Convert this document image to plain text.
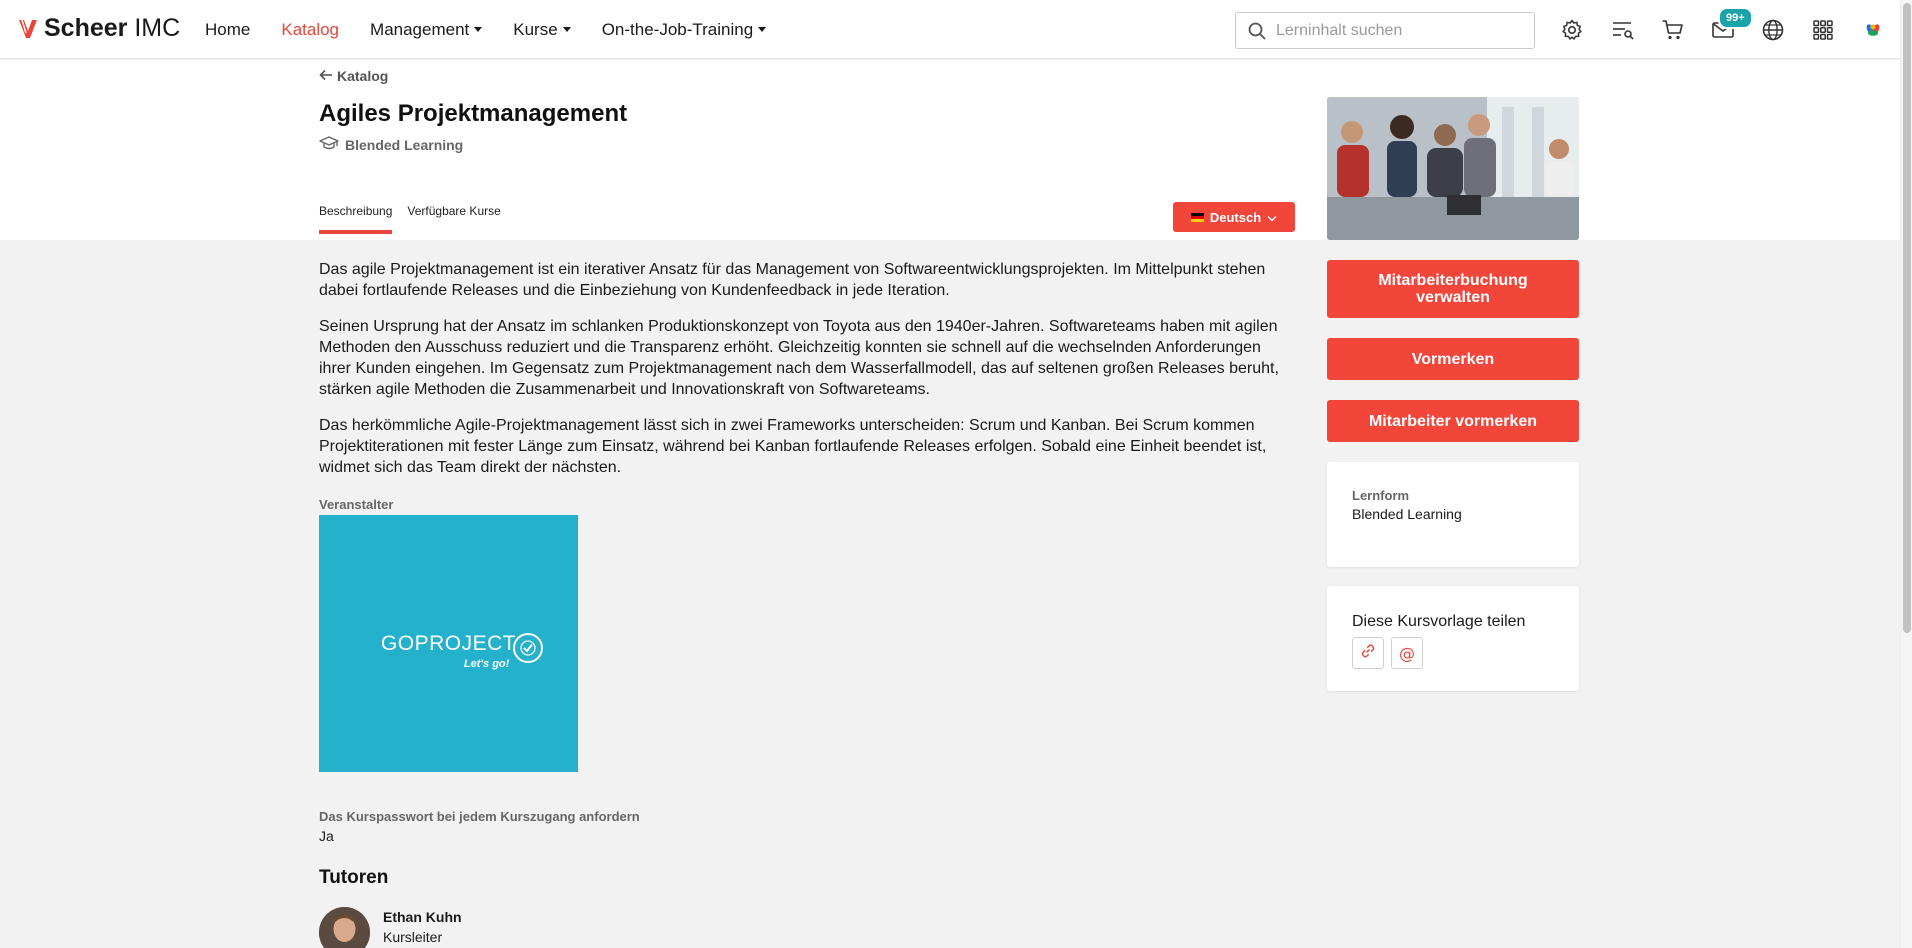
Scheer IMC Home Katalog Management	Kurse	On-the-Job-Training
Lerninhalt suchen
99+
Katalog
Agiles Projektmanagement
Blended Learning
Beschreibung Verfügbare Kurse	Deutsch

Das agile Projektmanagement ist ein iterativer Ansatz für das Management von Softwareentwicklungsprojekten. Im Mittelpunkt stehen dabei fortlaufende Releases und die Einbeziehung von Kundenfeedback in jede Iteration.

Seinen Ursprung hat der Ansatz im schlanken Produktionskonzept von Toyota aus den 1940er-Jahren. Softwareteams haben mit agilen Methoden den Ausschuss reduziert und die Transparenz erhöht. Gleichzeitig konnten sie schnell auf die wechselnden Anforderungen ihrer Kunden eingehen. Im Gegensatz zum Projektmanagement nach dem Wasserfallmodell, das auf seltenen großen Releases beruht, stärken agile Methoden die Zusammenarbeit und Innovationskraft von Softwareteams.

Das herkömmliche Agile-Projektmanagement lässt sich in zwei Frameworks unterscheiden: Scrum und Kanban. Bei Scrum kommen Projektiterationen mit fester Länge zum Einsatz, während bei Kanban fortlaufende Releases erfolgen. Sobald eine Einheit beendet ist, widmet sich das Team direkt der nächsten.

Veranstalter
GOPROJECT
Let's go!
Das Kurspasswort bei jedem Kurszugang anfordern
Ja
Tutoren
Ethan Kuhn
Kursleiter
Mitarbeiterbuchung verwalten
Vormerken
Mitarbeiter vormerken
Lernform
Blended Learning
Diese Kursvorlage teilen
@
